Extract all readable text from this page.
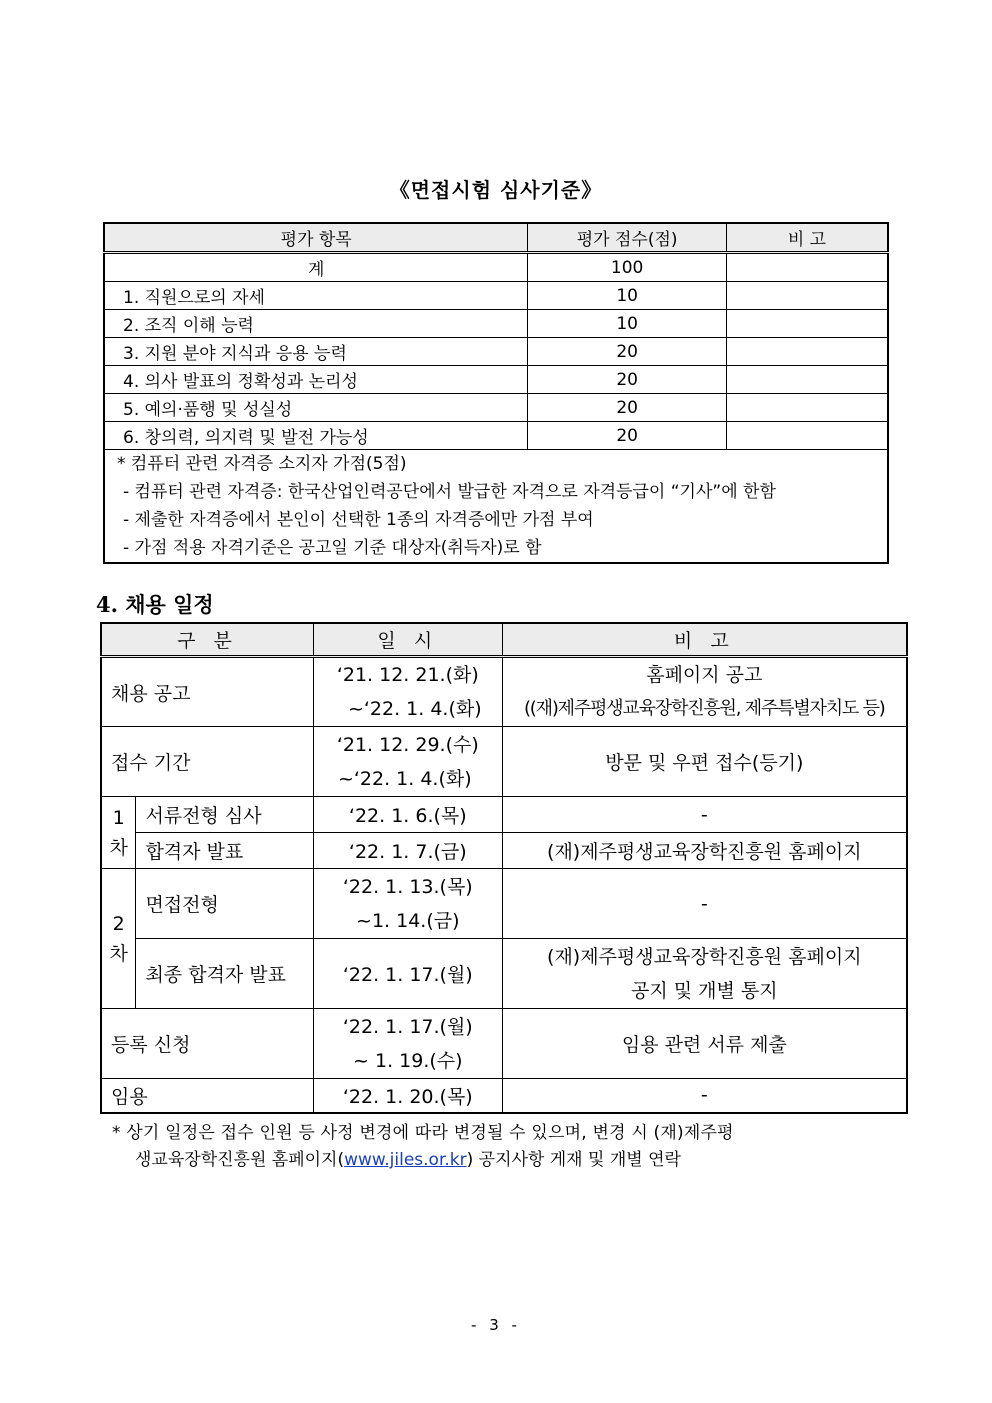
《면접시험 심사기준》
평가 항목	평가 점수(점)	비 고
계	100	
1. 직원으로의 자세	10	
2. 조직 이해 능력	10	
3. 지원 분야 지식과 응용 능력	20	
4. 의사 발표의 정확성과 논리성	20	
5. 예의·품행 및 성실성	20	
6. 창의력, 의지력 및 발전 가능성	20	

* 컴퓨터 관련 자격증 소지자 가점(5점)
- 컴퓨터 관련 자격증: 한국산업인력공단에서 발급한 자격으로 자격등급이 “기사”에 한함
- 제출한 자격증에서 본인이 선택한 1종의 자격증에만 가점 부여
- 가점 적용 자격기준은 공고일 기준 대상자(취득자)로 함		
4. 채용 일정
구 분		일 시	비 고
채용 공고		‘21. 12. 21.(화)
~‘22. 1. 4.(화)	홈페이지 공고
((재)제주평생교육장학진흥원, 제주특별자치도 등)

접수 기간		‘21. 12. 29.(수)
~‘22. 1. 4.(화)	방문 및 우편 접수(등기)
1 차	서류전형 심사	‘22. 1. 6.(목)	-
	합격자 발표	‘22. 1. 7.(금)	(재)제주평생교육장학진흥원 홈페이지
2 차	면접전형	‘22. 1. 13.(목)
~1. 14.(금)	-
	최종 합격자 발표	‘22. 1. 17.(월)	(재)제주평생교육장학진흥원 홈페이지
공지 및 개별 통지

등록 신청		‘22. 1. 17.(월)
~ 1. 19.(수)	임용 관련 서류 제출
임용		‘22. 1. 20.(목)	-
* 상기 일정은 접수 인원 등 사정 변경에 따라 변경될 수 있으며, 변경 시 (재)제주평
생교육장학진흥원 홈페이지(www.jiles.or.kr) 공지사항 게재 및 개별 연락
- 3 -
